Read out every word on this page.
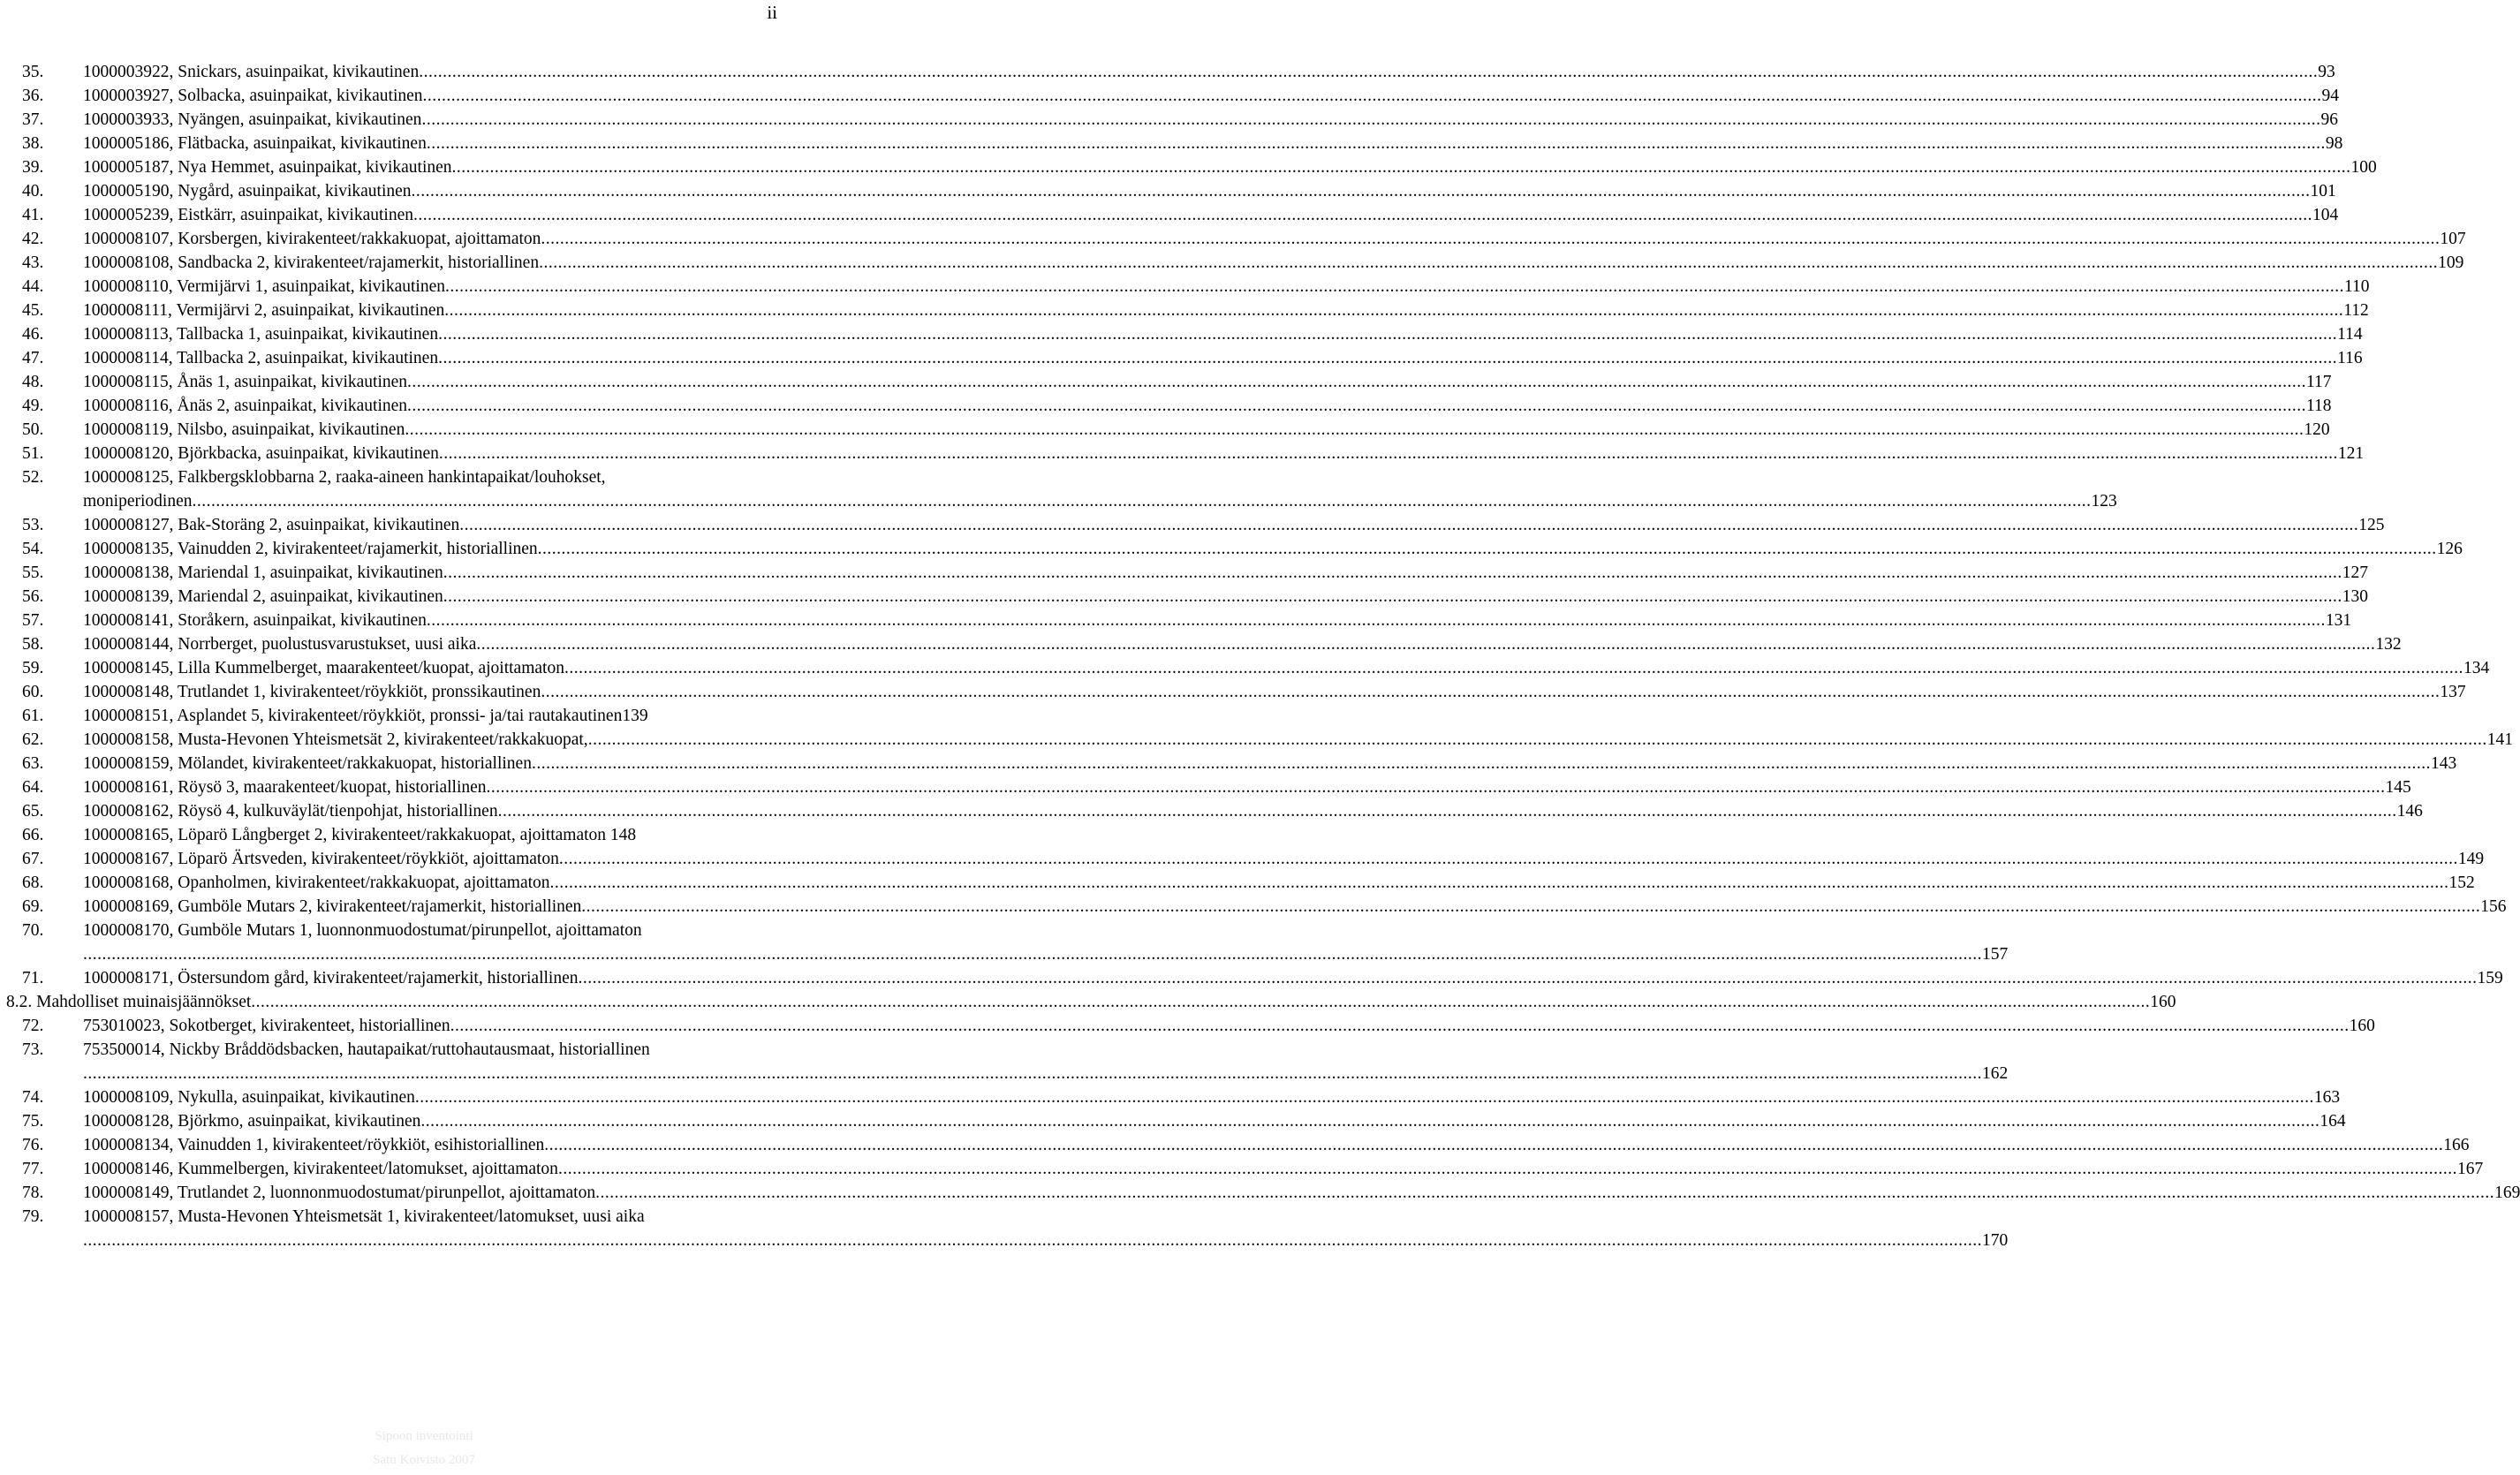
ii
35. 1000003922, Snickars, asuinpaikat, kivikautinen ................................................................................................................................................................................................................................................................................................................................................................................................................ 93
36. 1000003927, Solbacka, asuinpaikat, kivikautinen ................................................................................................................................................................................................................................................................................................................................................................................................................ 94
37. 1000003933, Nyängen, asuinpaikat, kivikautinen ................................................................................................................................................................................................................................................................................................................................................................................................................ 96
38. 1000005186, Flätbacka, asuinpaikat, kivikautinen ................................................................................................................................................................................................................................................................................................................................................................................................................ 98
39. 1000005187, Nya Hemmet, asuinpaikat, kivikautinen ................................................................................................................................................................................................................................................................................................................................................................................................................ 100
40. 1000005190, Nygård, asuinpaikat, kivikautinen ................................................................................................................................................................................................................................................................................................................................................................................................................ 101
41. 1000005239, Eistkärr, asuinpaikat, kivikautinen ................................................................................................................................................................................................................................................................................................................................................................................................................ 104
42. 1000008107, Korsbergen, kivirakenteet/rakkakuopat, ajoittamaton ................................................................................................................................................................................................................................................................................................................................................................................................................ 107
43. 1000008108, Sandbacka 2, kivirakenteet/rajamerkit, historiallinen ................................................................................................................................................................................................................................................................................................................................................................................................................ 109
44. 1000008110, Vermijärvi 1, asuinpaikat, kivikautinen ................................................................................................................................................................................................................................................................................................................................................................................................................ 110
45. 1000008111, Vermijärvi 2, asuinpaikat, kivikautinen ................................................................................................................................................................................................................................................................................................................................................................................................................ 112
46. 1000008113, Tallbacka 1, asuinpaikat, kivikautinen ................................................................................................................................................................................................................................................................................................................................................................................................................ 114
47. 1000008114, Tallbacka 2, asuinpaikat, kivikautinen ................................................................................................................................................................................................................................................................................................................................................................................................................ 116
48. 1000008115, Ånäs 1, asuinpaikat, kivikautinen ................................................................................................................................................................................................................................................................................................................................................................................................................ 117
49. 1000008116, Ånäs 2, asuinpaikat, kivikautinen ................................................................................................................................................................................................................................................................................................................................................................................................................ 118
50. 1000008119, Nilsbo, asuinpaikat, kivikautinen ................................................................................................................................................................................................................................................................................................................................................................................................................ 120
51. 1000008120, Björkbacka, asuinpaikat, kivikautinen ................................................................................................................................................................................................................................................................................................................................................................................................................ 121
52. 1000008125, Falkbergsklobbarna 2, raaka-aineen hankintapaikat/louhokset,
moniperiodinen ................................................................................................................................................................................................................................................................................................................................................................................................................ 123
53. 1000008127, Bak-Storäng 2, asuinpaikat, kivikautinen ................................................................................................................................................................................................................................................................................................................................................................................................................ 125
54. 1000008135, Vainudden 2, kivirakenteet/rajamerkit, historiallinen ................................................................................................................................................................................................................................................................................................................................................................................................................ 126
55. 1000008138, Mariendal 1, asuinpaikat, kivikautinen ................................................................................................................................................................................................................................................................................................................................................................................................................ 127
56. 1000008139, Mariendal 2, asuinpaikat, kivikautinen ................................................................................................................................................................................................................................................................................................................................................................................................................ 130
57. 1000008141, Storåkern, asuinpaikat, kivikautinen ................................................................................................................................................................................................................................................................................................................................................................................................................ 131
58. 1000008144, Norrberget, puolustusvarustukset, uusi aika ................................................................................................................................................................................................................................................................................................................................................................................................................ 132
59. 1000008145, Lilla Kummelberget, maarakenteet/kuopat, ajoittamaton ................................................................................................................................................................................................................................................................................................................................................................................................................ 134
60. 1000008148, Trutlandet 1, kivirakenteet/röykkiöt, pronssikautinen ................................................................................................................................................................................................................................................................................................................................................................................................................ 137
61. 1000008151, Asplandet 5, kivirakenteet/röykkiöt, pronssi- ja/tai rautakautinen139
62. 1000008158, Musta-Hevonen Yhteismetsät 2, kivirakenteet/rakkakuopat, ................................................................................................................................................................................................................................................................................................................................................................................................................ 141
63. 1000008159, Mölandet, kivirakenteet/rakkakuopat, historiallinen ................................................................................................................................................................................................................................................................................................................................................................................................................ 143
64. 1000008161, Röysö 3, maarakenteet/kuopat, historiallinen ................................................................................................................................................................................................................................................................................................................................................................................................................ 145
65. 1000008162, Röysö 4, kulkuväylät/tienpohjat, historiallinen ................................................................................................................................................................................................................................................................................................................................................................................................................ 146
66. 1000008165, Löparö Långberget 2, kivirakenteet/rakkakuopat, ajoittamaton 148
67. 1000008167, Löparö Ärtsveden, kivirakenteet/röykkiöt, ajoittamaton ................................................................................................................................................................................................................................................................................................................................................................................................................ 149
68. 1000008168, Opanholmen, kivirakenteet/rakkakuopat, ajoittamaton ................................................................................................................................................................................................................................................................................................................................................................................................................ 152
69. 1000008169, Gumböle Mutars 2, kivirakenteet/rajamerkit, historiallinen ................................................................................................................................................................................................................................................................................................................................................................................................................ 156
70. 1000008170, Gumböle Mutars 1, luonnonmuodostumat/pirunpellot, ajoittamaton
................................................................................................................................................................................................................................................................................................................................................................................................................ 157
71. 1000008171, Östersundom gård, kivirakenteet/rajamerkit, historiallinen ................................................................................................................................................................................................................................................................................................................................................................................................................ 159
8.2. Mahdolliset muinaisjäännökset ................................................................................................................................................................................................................................................................................................................................................................................................................ 160
72. 753010023, Sokotberget, kivirakenteet, historiallinen ................................................................................................................................................................................................................................................................................................................................................................................................................ 160
73. 753500014, Nickby Bråddödsbacken, hautapaikat/ruttohautausmaat, historiallinen
................................................................................................................................................................................................................................................................................................................................................................................................................ 162
74. 1000008109, Nykulla, asuinpaikat, kivikautinen ................................................................................................................................................................................................................................................................................................................................................................................................................ 163
75. 1000008128, Björkmo, asuinpaikat, kivikautinen ................................................................................................................................................................................................................................................................................................................................................................................................................ 164
76. 1000008134, Vainudden 1, kivirakenteet/röykkiöt, esihistoriallinen ................................................................................................................................................................................................................................................................................................................................................................................................................ 166
77. 1000008146, Kummelbergen, kivirakenteet/latomukset, ajoittamaton ................................................................................................................................................................................................................................................................................................................................................................................................................ 167
78. 1000008149, Trutlandet 2, luonnonmuodostumat/pirunpellot, ajoittamaton ................................................................................................................................................................................................................................................................................................................................................................................................................ 169
79. 1000008157, Musta-Hevonen Yhteismetsät 1, kivirakenteet/latomukset, uusi aika
................................................................................................................................................................................................................................................................................................................................................................................................................ 170
Sipoon inventointi
Satu Koivisto 2007
